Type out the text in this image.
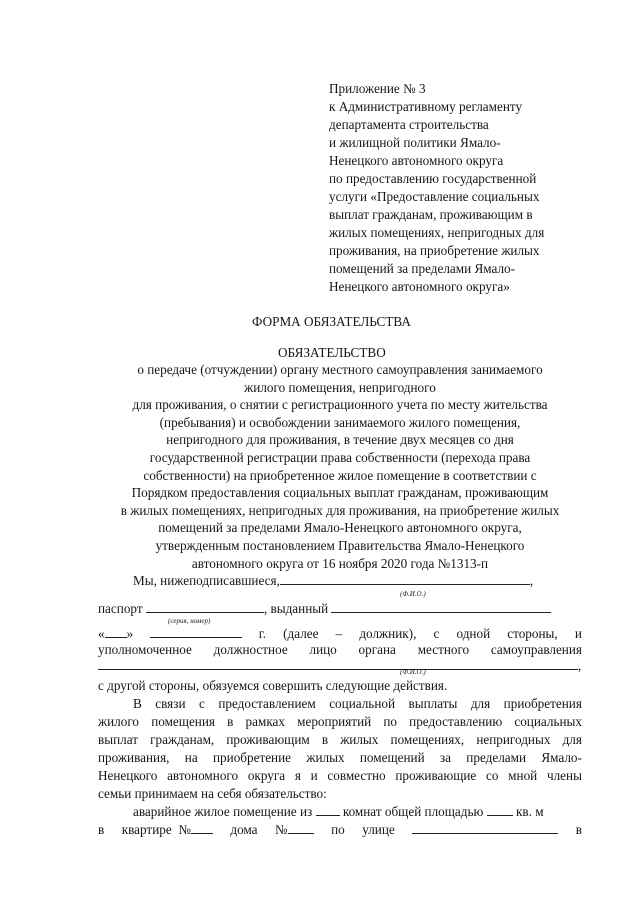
Приложение № 3
к Административному регламенту
департамента строительства
и жилищной политики Ямало-
Ненецкого автономного округа
по предоставлению государственной
услуги «Предоставление социальных
выплат гражданам, проживающим в
жилых помещениях, непригодных для
проживания, на приобретение жилых
помещений за пределами Ямало-
Ненецкого автономного округа»
ФОРМА ОБЯЗАТЕЛЬСТВА
ОБЯЗАТЕЛЬСТВО
о передаче (отчуждении) органу местного самоуправления занимаемого
жилого помещения, непригодного
для проживания, о снятии с регистрационного учета по месту жительства
(пребывания) и освобождении занимаемого жилого помещения,
непригодного для проживания, в течение двух месяцев со дня
государственной регистрации права собственности (перехода права
собственности) на приобретенное жилое помещение в соответствии с
Порядком предоставления социальных выплат гражданам, проживающим
в жилых помещениях, непригодных для проживания, на приобретение жилых
помещений за пределами Ямало-Ненецкого автономного округа,
утвержденным постановлением Правительства Ямало-Ненецкого
автономного округа от 16 ноября 2020 года №1313-п
Мы, нижеподписавшиеся,	,
(Ф.И.О.)
паспорт	, выданный
(серия, номер)
« »	г. (далее – должник), с одной стороны, и
уполномоченное должностное лицо органа местного самоуправления
,
(Ф.И.О.)
с другой стороны, обязуемся совершить следующие действия.
В связи с предоставлением социальной выплаты для приобретения
жилого помещения в рамках мероприятий по предоставлению социальных
выплат гражданам, проживающим в жилых помещениях, непригодных для
проживания, на приобретение жилых помещений за пределами Ямало-
Ненецкого автономного округа я и совместно проживающие со мной члены
семьи принимаем на себя обязательство:
аварийное жилое помещение из комнат общей площадью кв. м
в квартире №	дома №	по улице	в
